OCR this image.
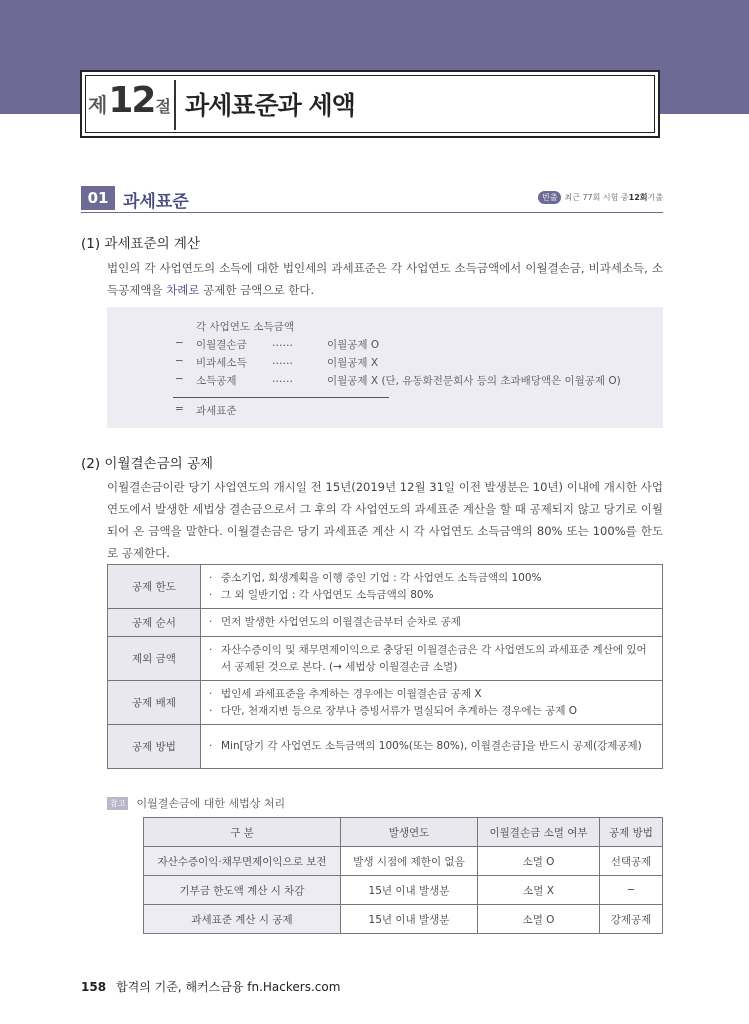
제 12 절 과세표준과 세액
01 과세표준	빈출 최근 77회 시험 중 12회 기출
(1) 과세표준의 계산
법인의 각 사업연도의 소득에 대한 법인세의 과세표준은 각 사업연도 소득금액에서 이월결손금, 비과세소득, 소득공제액을 차례로 공제한 금액으로 한다.
각 사업연도 소득금액
− 이월결손금 ……	이월공제 O
− 비과세소득 ……	이월공제 X
− 소득공제	……	이월공제 X (단, 유동화전문회사 등의 초과배당액은 이월공제 O)
= 과세표준
(2) 이월결손금의 공제
이월결손금이란 당기 사업연도의 개시일 전 15년(2019년 12월 31일 이전 발생분은 10년) 이내에 개시한 사업연도에서 발생한 세법상 결손금으로서 그 후의 각 사업연도의 과세표준 계산을 할 때 공제되지 않고 당기로 이월되어 온 금액을 말한다. 이월결손금은 당기 과세표준 계산 시 각 사업연도 소득금액의 80% 또는 100%를 한도로 공제한다.
공제 한도	· 중소기업, 회생계획을 이행 중인 기업 : 각 사업연도 소득금액의 100%
· 그 외 일반기업 : 각 사업연도 소득금액의 80%

공제 순서	· 먼저 발생한 사업연도의 이월결손금부터 순차로 공제

제외 금액	· 자산수증이익 및 채무면제이익으로 충당된 이월결손금은 각 사업연도의 과세표준 계산에 있어서 공제된 것으로 본다. (→ 세법상 이월결손금 소멸)

공제 배제	· 법인세 과세표준을 추계하는 경우에는 이월결손금 공제 X
· 다만, 천재지변 등으로 장부나 증빙서류가 멸실되어 추계하는 경우에는 공제 O

공제 방법	· Min[당기 각 사업연도 소득금액의 100%(또는 80%), 이월결손금]을 반드시 공제(강제공제)
참고 이월결손금에 대한 세법상 처리
구 분	발생연도	이월결손금 소멸 여부	공제 방법
자산수증이익·채무면제이익으로 보전	발생 시점에 제한이 없음	소멸 O	선택공제
기부금 한도액 계산 시 차감	15년 이내 발생분	소멸 X	−
과세표준 계산 시 공제	15년 이내 발생분	소멸 O	강제공제
158 합격의 기준, 해커스금융 fn.Hackers.com
